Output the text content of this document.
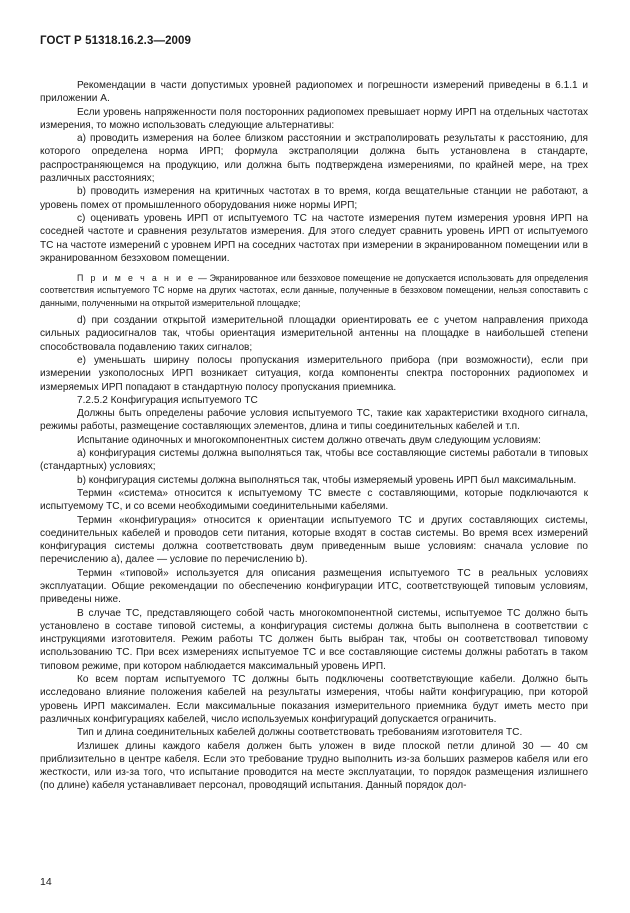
ГОСТ Р 51318.16.2.3—2009

Рекомендации в части допустимых уровней радиопомех и погрешности измерений приведены в 6.1.1 и приложении А.

Если уровень напряженности поля посторонних радиопомех превышает норму ИРП на отдельных частотах измерения, то можно использовать следующие альтернативы:

a) проводить измерения на более близком расстоянии и экстраполировать результаты к расстоянию, для которого определена норма ИРП; формула экстраполяции должна быть установлена в стандарте, распространяющемся на продукцию, или должна быть подтверждена измерениями, по крайней мере, на трех различных расстояниях;

b) проводить измерения на критичных частотах в то время, когда вещательные станции не работают, а уровень помех от промышленного оборудования ниже нормы ИРП;

c) оценивать уровень ИРП от испытуемого ТС на частоте измерения путем измерения уровня ИРП на соседней частоте и сравнения результатов измерения. Для этого следует сравнить уровень ИРП от испытуемого ТС на частоте измерений с уровнем ИРП на соседних частотах при измерении в экранированном помещении или в экранированном безэховом помещении.

П р и м е ч а н и е — Экранированное или безэховое помещение не допускается использовать для определения соответствия испытуемого ТС норме на других частотах, если данные, полученные в безэховом помещении, нельзя сопоставить с данными, полученными на открытой измерительной площадке;

d) при создании открытой измерительной площадки ориентировать ее с учетом направления прихода сильных радиосигналов так, чтобы ориентация измерительной антенны на площадке в наибольшей степени способствовала подавлению таких сигналов;

e) уменьшать ширину полосы пропускания измерительного прибора (при возможности), если при измерении узкополосных ИРП возникает ситуация, когда компоненты спектра посторонних радиопомех и измеряемых ИРП попадают в стандартную полосу пропускания приемника.

7.2.5.2 Конфигурация испытуемого ТС

Должны быть определены рабочие условия испытуемого ТС, такие как характеристики входного сигнала, режимы работы, размещение составляющих элементов, длина и типы соединительных кабелей и т.п.

Испытание одиночных и многокомпонентных систем должно отвечать двум следующим условиям:

a) конфигурация системы должна выполняться так, чтобы все составляющие системы работали в типовых (стандартных) условиях;

b) конфигурация системы должна выполняться так, чтобы измеряемый уровень ИРП был максимальным.

Термин «система» относится к испытуемому ТС вместе с составляющими, которые подключаются к испытуемому ТС, и со всеми необходимыми соединительными кабелями.

Термин «конфигурация» относится к ориентации испытуемого ТС и других составляющих системы, соединительных кабелей и проводов сети питания, которые входят в состав системы. Во время всех измерений конфигурация системы должна соответствовать двум приведенным выше условиям: сначала условие по перечислению а), далее — условие по перечислению b).

Термин «типовой» используется для описания размещения испытуемого ТС в реальных условиях эксплуатации. Общие рекомендации по обеспечению конфигурации ИТС, соответствующей типовым условиям, приведены ниже.

В случае ТС, представляющего собой часть многокомпонентной системы, испытуемое ТС должно быть установлено в составе типовой системы, а конфигурация системы должна быть выполнена в соответствии с инструкциями изготовителя. Режим работы ТС должен быть выбран так, чтобы он соответствовал типовому использованию ТС. При всех измерениях испытуемое ТС и все составляющие системы должны работать в таком типовом режиме, при котором наблюдается максимальный уровень ИРП.

Ко всем портам испытуемого ТС должны быть подключены соответствующие кабели. Должно быть исследовано влияние положения кабелей на результаты измерения, чтобы найти конфигурацию, при которой уровень ИРП максимален. Если максимальные показания измерительного приемника будут иметь место при различных конфигурациях кабелей, число используемых конфигураций допускается ограничить.

Тип и длина соединительных кабелей должны соответствовать требованиям изготовителя ТС.

Излишек длины каждого кабеля должен быть уложен в виде плоской петли длиной 30 — 40 см приблизительно в центре кабеля. Если это требование трудно выполнить из-за больших размеров кабеля или его жесткости, или из-за того, что испытание проводится на месте эксплуатации, то порядок размещения излишнего (по длине) кабеля устанавливает персонал, проводящий испытания. Данный порядок дол-

14
